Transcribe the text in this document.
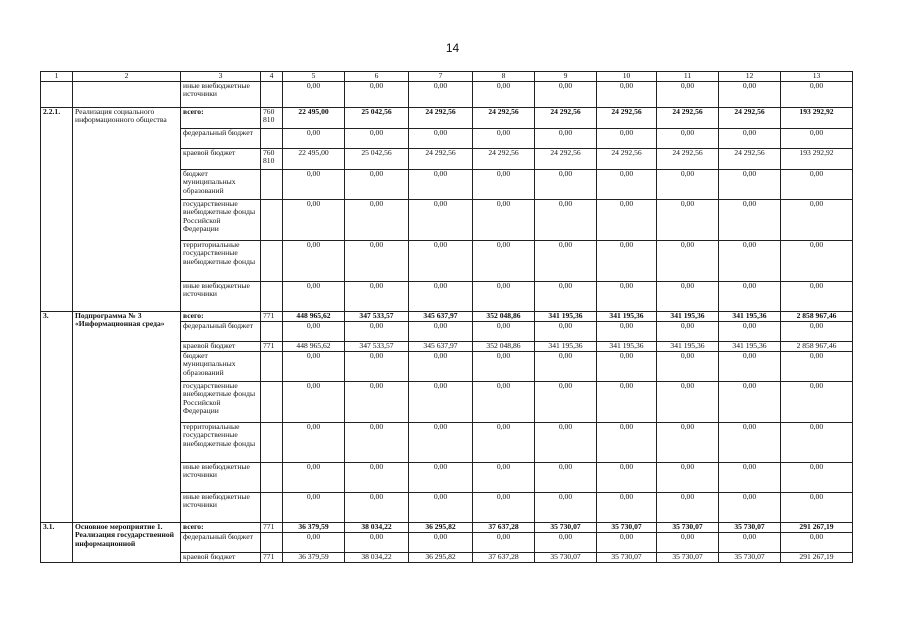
14
1	2	3	4	5	6	7	8	9	10	11	12	13
		иные внебюджетные источники		0,00	0,00	0,00	0,00	0,00	0,00	0,00	0,00	0,00
2.2.1.	Реализация социального информационного общества	всего:	760 810	22 495,00	25 042,56	24 292,56	24 292,56	24 292,56	24 292,56	24 292,56	24 292,56	193 292,92
		федеральный бюджет		0,00	0,00	0,00	0,00	0,00	0,00	0,00	0,00	0,00
		краевой бюджет	760 810	22 495,00	25 042,56	24 292,56	24 292,56	24 292,56	24 292,56	24 292,56	24 292,56	193 292,92
		бюджет муниципальных образований		0,00	0,00	0,00	0,00	0,00	0,00	0,00	0,00	0,00
		государственные внебюджетные фонды Российской Федерации		0,00	0,00	0,00	0,00	0,00	0,00	0,00	0,00	0,00
		территориальные государственные внебюджетные фонды		0,00	0,00	0,00	0,00	0,00	0,00	0,00	0,00	0,00
		иные внебюджетные источники		0,00	0,00	0,00	0,00	0,00	0,00	0,00	0,00	0,00
3.	Подпрограмма № 3 «Информационная среда»	всего:	771	448 965,62	347 533,57	345 637,97	352 048,86	341 195,36	341 195,36	341 195,36	341 195,36	2 858 967,46
		федеральный бюджет		0,00	0,00	0,00	0,00	0,00	0,00	0,00	0,00	0,00
		краевой бюджет	771	448 965,62	347 533,57	345 637,97	352 048,86	341 195,36	341 195,36	341 195,36	341 195,36	2 858 967,46
		бюджет муниципальных образований		0,00	0,00	0,00	0,00	0,00	0,00	0,00	0,00	0,00
		государственные внебюджетные фонды Российской Федерации		0,00	0,00	0,00	0,00	0,00	0,00	0,00	0,00	0,00
		территориальные государственные внебюджетные фонды		0,00	0,00	0,00	0,00	0,00	0,00	0,00	0,00	0,00
		иные внебюджетные источники		0,00	0,00	0,00	0,00	0,00	0,00	0,00	0,00	0,00
		иные внебюджетные источники		0,00	0,00	0,00	0,00	0,00	0,00	0,00	0,00	0,00
3.1.	Основное мероприятие 1. Реализация государственной информационной	всего:	771	36 379,59	38 034,22	36 295,82	37 637,28	35 730,07	35 730,07	35 730,07	35 730,07	291 267,19
		федеральный бюджет		0,00	0,00	0,00	0,00	0,00	0,00	0,00	0,00	0,00
		краевой бюджет	771	36 379,59	38 034,22	36 295,82	37 637,28	35 730,07	35 730,07	35 730,07	35 730,07	291 267,19
